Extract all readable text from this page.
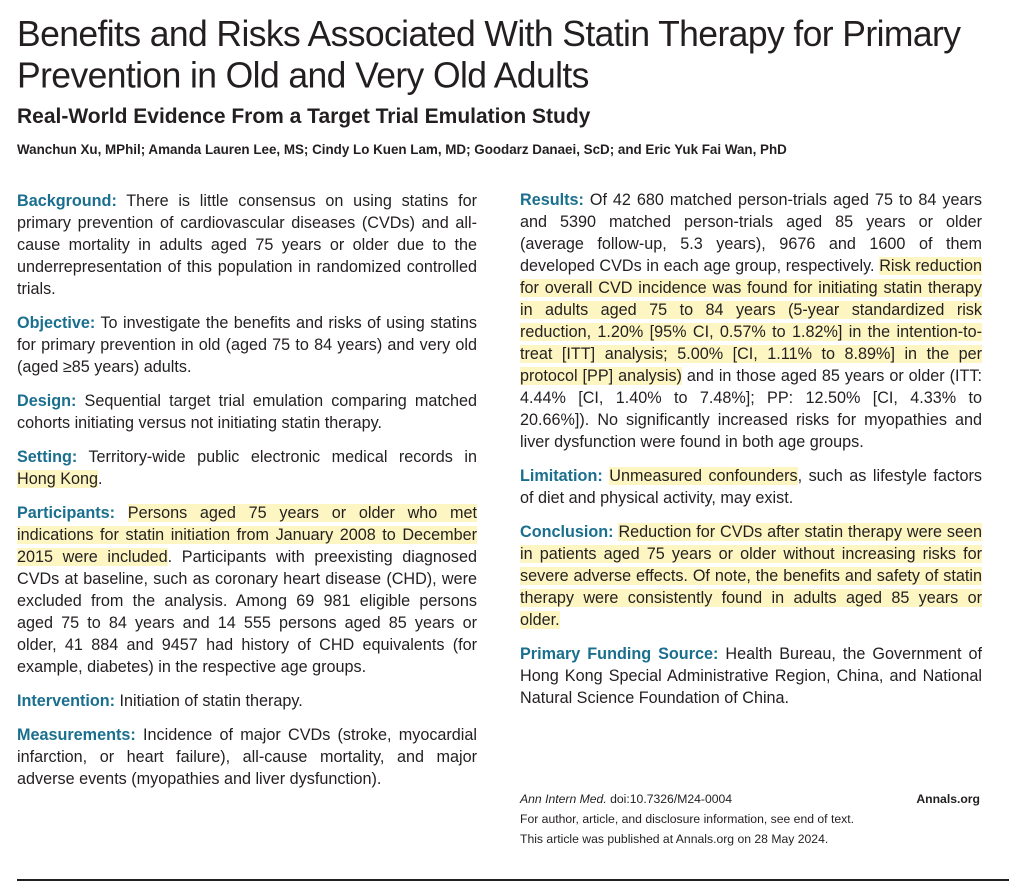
Benefits and Risks Associated With Statin Therapy for Primary Prevention in Old and Very Old Adults
Real-World Evidence From a Target Trial Emulation Study

Wanchun Xu, MPhil; Amanda Lauren Lee, MS; Cindy Lo Kuen Lam, MD; Goodarz Danaei, ScD; and Eric Yuk Fai Wan, PhD

Background: There is little consensus on using statins for primary prevention of cardiovascular diseases (CVDs) and all-cause mortality in adults aged 75 years or older due to the underrepresentation of this population in randomized controlled trials.

Objective: To investigate the benefits and risks of using statins for primary prevention in old (aged 75 to 84 years) and very old (aged ≥85 years) adults.

Design: Sequential target trial emulation comparing matched cohorts initiating versus not initiating statin therapy.

Setting: Territory-wide public electronic medical records in Hong Kong.

Participants: Persons aged 75 years or older who met indications for statin initiation from January 2008 to December 2015 were included. Participants with preexisting diagnosed CVDs at baseline, such as coronary heart disease (CHD), were excluded from the analysis. Among 69 981 eligible persons aged 75 to 84 years and 14 555 persons aged 85 years or older, 41 884 and 9457 had history of CHD equivalents (for example, diabetes) in the respective age groups.

Intervention: Initiation of statin therapy.

Measurements: Incidence of major CVDs (stroke, myocardial infarction, or heart failure), all-cause mortality, and major adverse events (myopathies and liver dysfunction).

Results: Of 42 680 matched person-trials aged 75 to 84 years and 5390 matched person-trials aged 85 years or older (average follow-up, 5.3 years), 9676 and 1600 of them developed CVDs in each age group, respectively. Risk reduction for overall CVD incidence was found for initiating statin therapy in adults aged 75 to 84 years (5-year standardized risk reduction, 1.20% [95% CI, 0.57% to 1.82%] in the intention-to-treat [ITT] analysis; 5.00% [CI, 1.11% to 8.89%] in the per protocol [PP] analysis) and in those aged 85 years or older (ITT: 4.44% [CI, 1.40% to 7.48%]; PP: 12.50% [CI, 4.33% to 20.66%]). No significantly increased risks for myopathies and liver dysfunction were found in both age groups.

Limitation: Unmeasured confounders, such as lifestyle factors of diet and physical activity, may exist.

Conclusion: Reduction for CVDs after statin therapy were seen in patients aged 75 years or older without increasing risks for severe adverse effects. Of note, the benefits and safety of statin therapy were consistently found in adults aged 85 years or older.

Primary Funding Source: Health Bureau, the Government of Hong Kong Special Administrative Region, China, and National Natural Science Foundation of China.

Ann Intern Med. doi:10.7326/M24-0004	Annals.org
For author, article, and disclosure information, see end of text.
This article was published at Annals.org on 28 May 2024.
